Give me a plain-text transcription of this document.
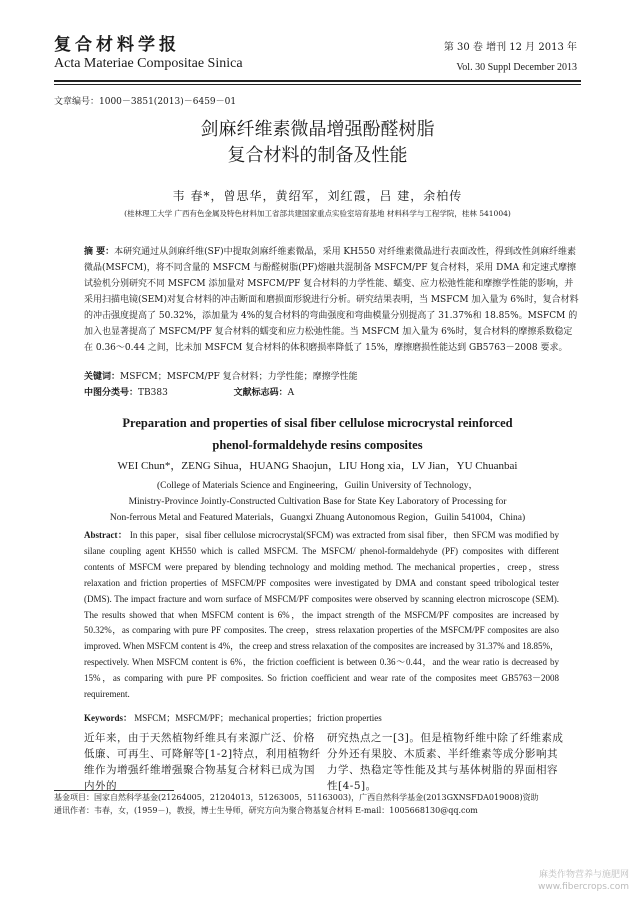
复合材料学报
Acta Materiae Compositae Sinica
第 30 卷 增刊 12 月 2013 年
Vol. 30 Suppl December 2013
文章编号：1000－3851(2013)－6459－01
剑麻纤维素微晶增强酚醛树脂
复合材料的制备及性能
韦 春*，曾思华，黄绍军，刘红霞，吕 建，余柏传
(桂林理工大学 广西有色金属及特色材料加工省部共建国家重点实验室培育基地 材料科学与工程学院，桂林 541004)
摘 要：本研究通过从剑麻纤维(SF)中提取剑麻纤维素微晶，采用 KH550 对纤维素微晶进行表面改性，得到改性剑麻纤维素微晶(MSFCM)，将不同含量的 MSFCM 与酚醛树脂(PF)熔融共混制备 MSFCM/PF 复合材料，采用 DMA 和定速式摩擦试验机分别研究不同 MSFCM 添加量对 MSFCM/PF 复合材料的力学性能、蠕变、应力松弛性能和摩擦学性能的影响，并采用扫描电镜(SEM)对复合材料的冲击断面和磨损面形貌进行分析。研究结果表明，当 MSFCM 加入量为 6%时，复合材料的冲击强度提高了 50.32%，添加量为 4%的复合材料的弯曲强度和弯曲模量分别提高了 31.37%和 18.85%。MSFCM 的加入也显著提高了 MSFCM/PF 复合材料的蠕变和应力松弛性能。当 MSFCM 加入量为 6%时，复合材料的摩擦系数稳定在 0.36～0.44 之间，比未加 MSFCM 复合材料的体积磨损率降低了 15%，摩擦磨损性能达到 GB5763－2008 要求。
关键词：MSFCM；MSFCM/PF 复合材料；力学性能；摩擦学性能
中图分类号：TB383	文献标志码：A
Preparation and properties of sisal fiber cellulose microcrystal reinforced
phenol-formaldehyde resins composites
WEI Chun*，ZENG Sihua，HUANG Shaojun，LIU Hong xia，LV Jian，YU Chuanbai
(College of Materials Science and Engineering，Guilin University of Technology，
Ministry-Province Jointly-Constructed Cultivation Base for State Key Laboratory of Processing for
Non-ferrous Metal and Featured Materials，Guangxi Zhuang Autonomous Region，Guilin 541004，China)
Abstract： In this paper，sisal fiber cellulose microcrystal(SFCM) was extracted from sisal fiber，then SFCM was modified by silane coupling agent KH550 which is called MSFCM. The MSFCM/ phenol-formaldehyde (PF) composites with different contents of MSFCM were prepared by blending technology and molding method. The mechanical properties，creep，stress relaxation and friction properties of MSFCM/PF composites were investigated by DMA and constant speed tribological tester (DMS). The impact fracture and worn surface of MSFCM/PF composites were observed by scanning electron microscope (SEM). The results showed that when MSFCM content is 6%，the impact strength of the MSFCM/PF composites are increased by 50.32%，as comparing with pure PF composites. The creep，stress relaxation properties of the MSFCM/PF composites are also improved. When MSFCM content is 4%，the creep and stress relaxation of the composites are increased by 31.37% and 18.85%，respectively. When MSFCM content is 6%，the friction coefficient is between 0.36～0.44，and the wear ratio is decreased by 15%，as comparing with pure PF composites. So friction coefficient and wear rate of the composites meet GB5763－2008 requirement.
Keywords： MSFCM；MSFCM/PF；mechanical properties；friction properties
近年来，由于天然植物纤维具有来源广泛、价格低廉、可再生、可降解等[1-2]特点，利用植物纤维作为增强纤维增强聚合物基复合材料已成为国内外的
研究热点之一[3]。但是植物纤维中除了纤维素成分外还有果胶、木质素、半纤维素等成分影响其力学、热稳定等性能及其与基体树脂的界面相容性[4-5]。
基金项目：国家自然科学基金(21264005，21204013，51263005，51163003)，广西自然科学基金(2013GXNSFDA019008)资助
通讯作者：韦春，女，(1959－)，教授，博士生导师，研究方向为聚合物基复合材料 E-mail：1005668130@qq.com
麻类作物营养与施肥网
www.fibercrops.com
